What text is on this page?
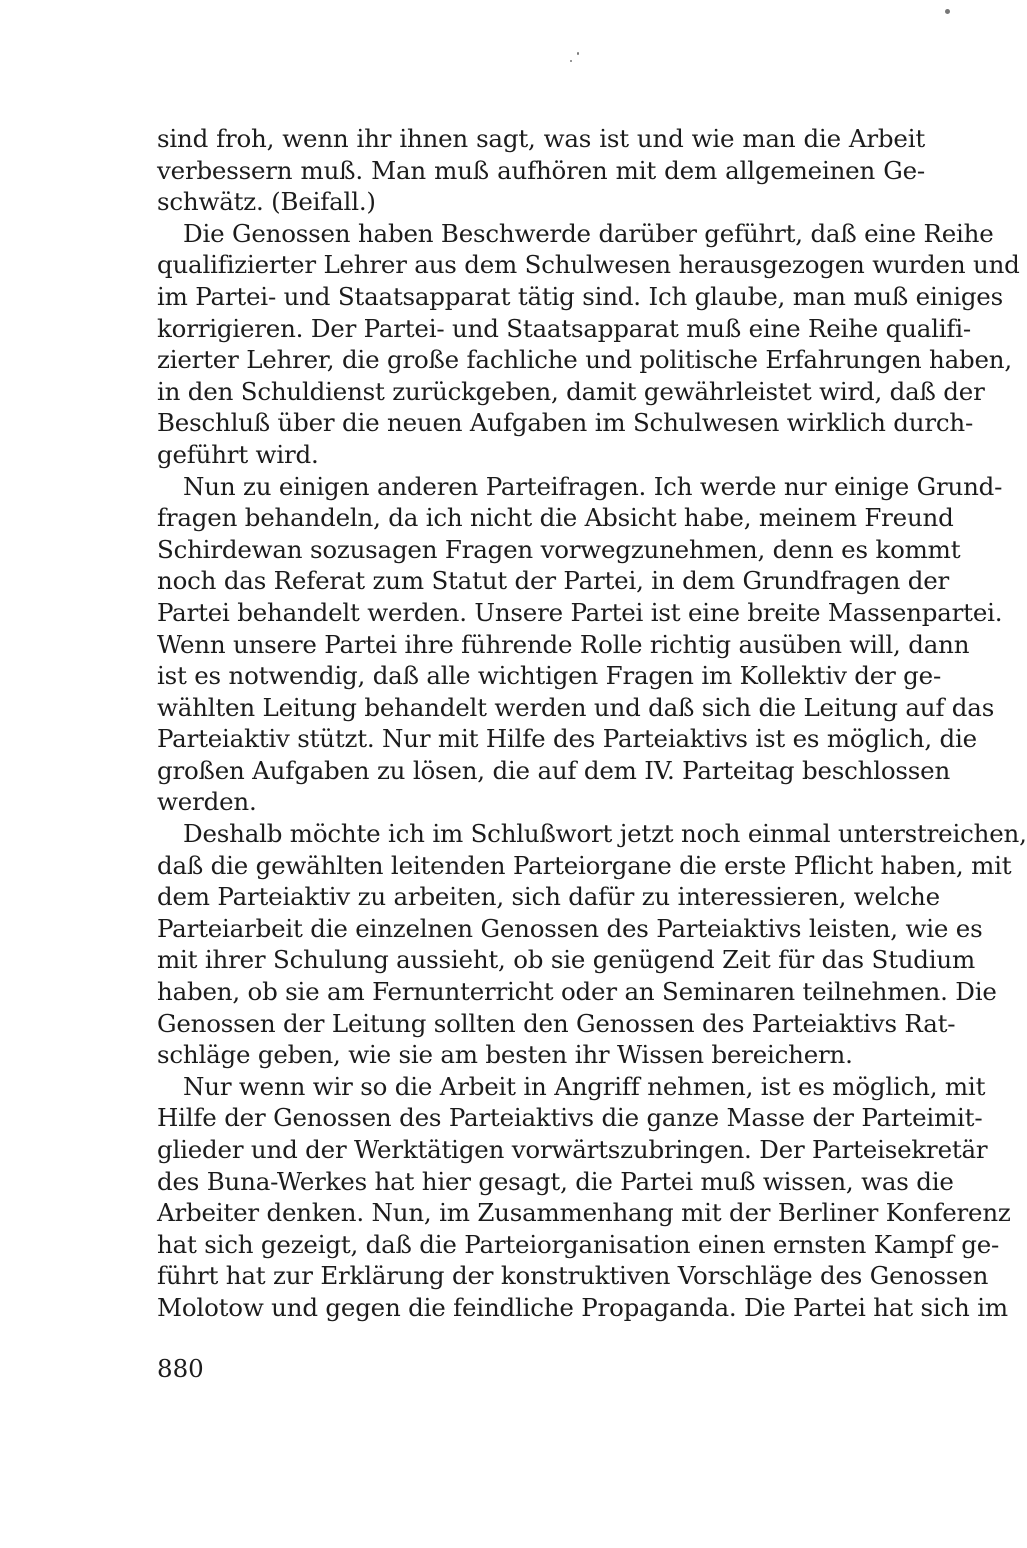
sind froh, wenn ihr ihnen sagt, was ist und wie man die Arbeit
verbessern muß. Man muß aufhören mit dem allgemeinen Ge-
schwätz. (Beifall.)
Die Genossen haben Beschwerde darüber geführt, daß eine Reihe
qualifizierter Lehrer aus dem Schulwesen herausgezogen wurden und
im Partei- und Staatsapparat tätig sind. Ich glaube, man muß einiges
korrigieren. Der Partei- und Staatsapparat muß eine Reihe qualifi-
zierter Lehrer, die große fachliche und politische Erfahrungen haben,
in den Schuldienst zurückgeben, damit gewährleistet wird, daß der
Beschluß über die neuen Aufgaben im Schulwesen wirklich durch-
geführt wird.
Nun zu einigen anderen Parteifragen. Ich werde nur einige Grund-
fragen behandeln, da ich nicht die Absicht habe, meinem Freund
Schirdewan sozusagen Fragen vorwegzunehmen, denn es kommt
noch das Referat zum Statut der Partei, in dem Grundfragen der
Partei behandelt werden. Unsere Partei ist eine breite Massenpartei.
Wenn unsere Partei ihre führende Rolle richtig ausüben will, dann
ist es notwendig, daß alle wichtigen Fragen im Kollektiv der ge-
wählten Leitung behandelt werden und daß sich die Leitung auf das
Parteiaktiv stützt. Nur mit Hilfe des Parteiaktivs ist es möglich, die
großen Aufgaben zu lösen, die auf dem IV. Parteitag beschlossen
werden.
Deshalb möchte ich im Schlußwort jetzt noch einmal unterstreichen,
daß die gewählten leitenden Parteiorgane die erste Pflicht haben, mit
dem Parteiaktiv zu arbeiten, sich dafür zu interessieren, welche
Parteiarbeit die einzelnen Genossen des Parteiaktivs leisten, wie es
mit ihrer Schulung aussieht, ob sie genügend Zeit für das Studium
haben, ob sie am Fernunterricht oder an Seminaren teilnehmen. Die
Genossen der Leitung sollten den Genossen des Parteiaktivs Rat-
schläge geben, wie sie am besten ihr Wissen bereichern.
Nur wenn wir so die Arbeit in Angriff nehmen, ist es möglich, mit
Hilfe der Genossen des Parteiaktivs die ganze Masse der Parteimit-
glieder und der Werktätigen vorwärtszubringen. Der Parteisekretär
des Buna-Werkes hat hier gesagt, die Partei muß wissen, was die
Arbeiter denken. Nun, im Zusammenhang mit der Berliner Konferenz
hat sich gezeigt, daß die Parteiorganisation einen ernsten Kampf ge-
führt hat zur Erklärung der konstruktiven Vorschläge des Genossen
Molotow und gegen die feindliche Propaganda. Die Partei hat sich im
880
